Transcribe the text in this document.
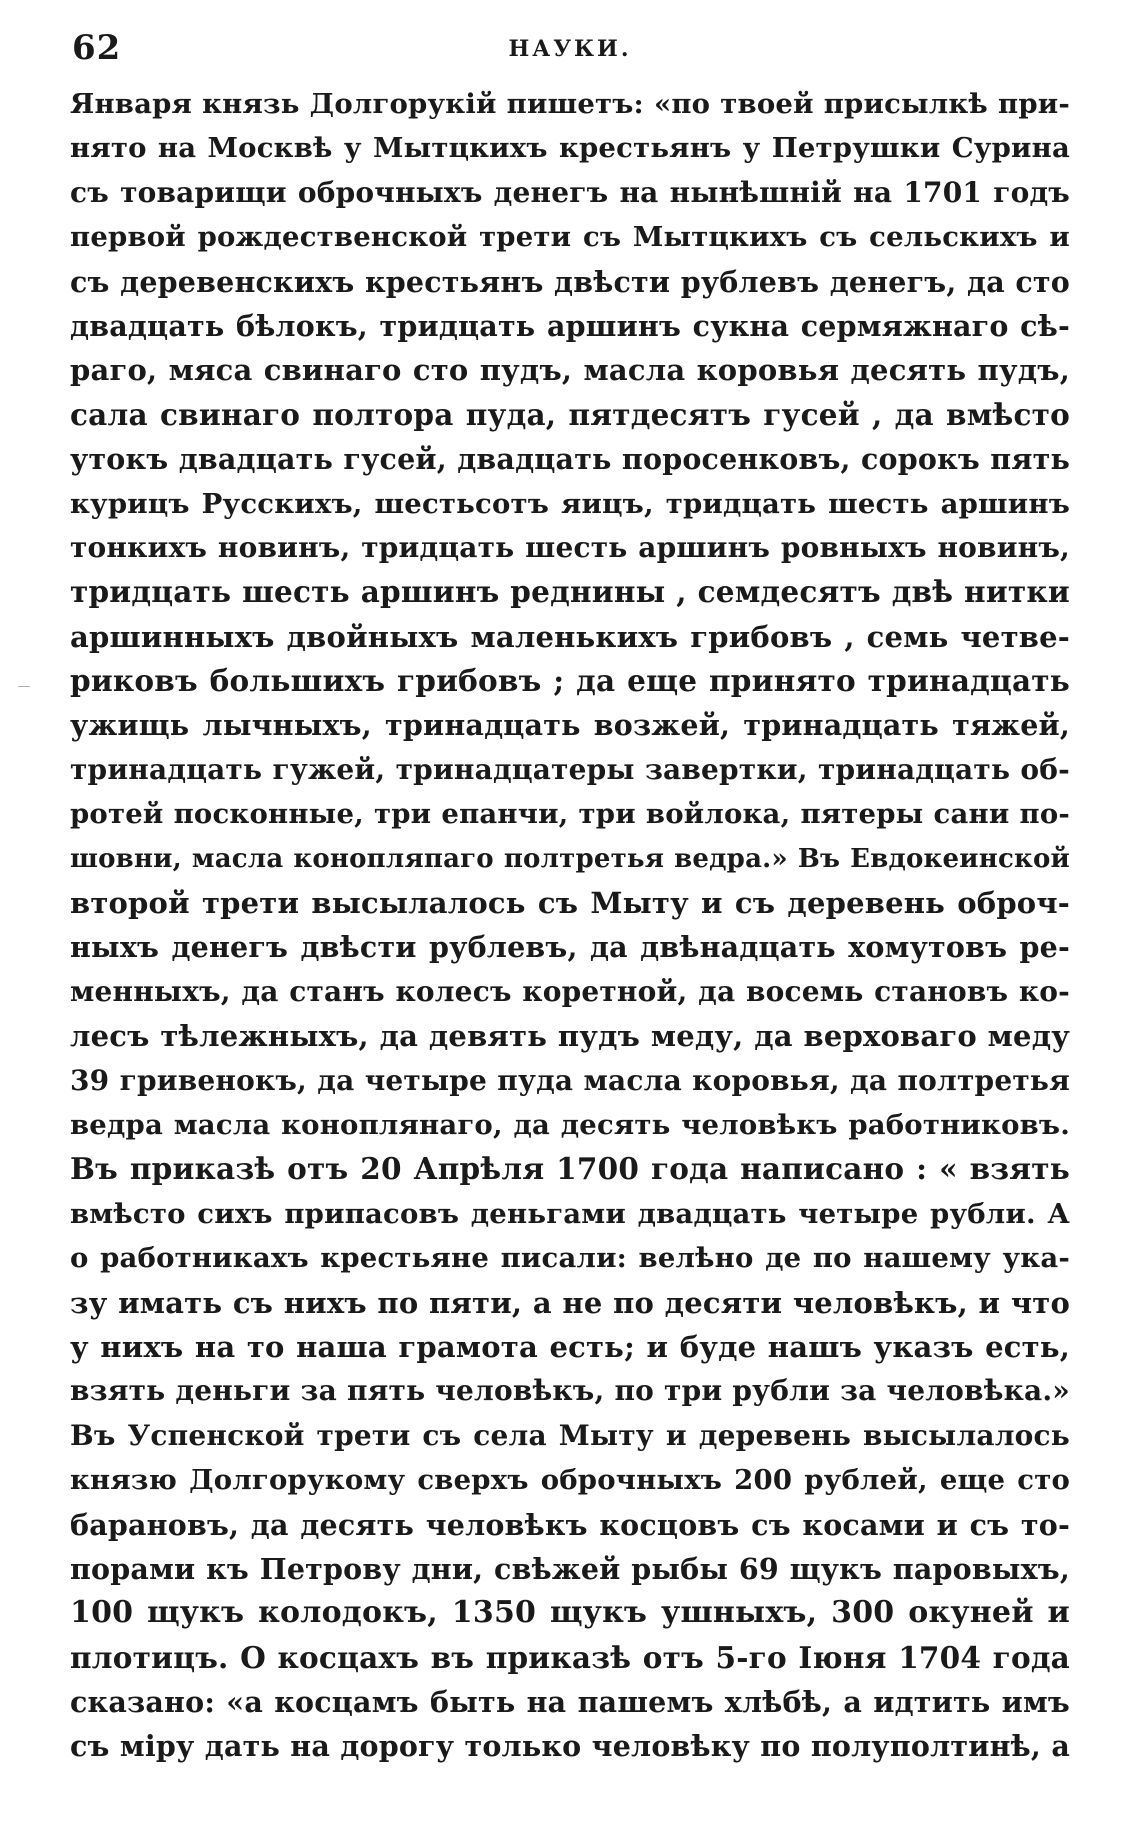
62	НАУКИ.
Января князь Долгорукій пишетъ: «по твоей присылкѣ при-
нято на Москвѣ у Мытцкихъ крестьянъ у Петрушки Сурина
съ товарищи оброчныхъ денегъ на нынѣшній на 1701 годъ
первой рождественской трети съ Мытцкихъ съ сельскихъ и
съ деревенскихъ крестьянъ двѣсти рублевъ денегъ, да сто
двадцать бѣлокъ, тридцать аршинъ сукна сермяжнаго сѣ-
раго, мяса свинаго сто пудъ, масла коровья десять пудъ,
сала свинаго полтора пуда, пятдесятъ гусей , да вмѣсто
утокъ двадцать гусей, двадцать поросенковъ, сорокъ пять
курицъ Русскихъ, шестьсотъ яицъ, тридцать шесть аршинъ
тонкихъ новинъ, тридцать шесть аршинъ ровныхъ новинъ,
тридцать шесть аршинъ реднины , семдесятъ двѣ нитки
аршинныхъ двойныхъ маленькихъ грибовъ , семь четве-
риковъ большихъ грибовъ ; да еще принято тринадцать
ужищь лычныхъ, тринадцать возжей, тринадцать тяжей,
тринадцать гужей, тринадцатеры завертки, тринадцать об-
ротей посконные, три епанчи, три войлока, пятеры сани по-
шовни, масла конопляпаго полтретья ведра.» Въ Евдокеинской
второй трети высылалось съ Мыту и съ деревень оброч-
ныхъ денегъ двѣсти рублевъ, да двѣнадцать хомутовъ ре-
менныхъ, да станъ колесъ коретной, да восемь становъ ко-
лесъ тѣлежныхъ, да девять пудъ меду, да верховаго меду
39 гривенокъ, да четыре пуда масла коровья, да полтретья
ведра масла коноплянаго, да десять человѣкъ работниковъ.
Въ приказѣ отъ 20 Апрѣля 1700 года написано : « взять
вмѣсто сихъ припасовъ деньгами двадцать четыре рубли. А
о работникахъ крестьяне писали: велѣно де по нашему ука-
зу имать съ нихъ по пяти, а не по десяти человѣкъ, и что
у нихъ на то наша грамота есть; и буде нашъ указъ есть,
взять деньги за пять человѣкъ, по три рубли за человѣка.»
Въ Успенской трети съ села Мыту и деревень высылалось
князю Долгорукому сверхъ оброчныхъ 200 рублей, еще сто
барановъ, да десять человѣкъ косцовъ съ косами и съ то-
порами къ Петрову дни, свѣжей рыбы 69 щукъ паровыхъ,
100 щукъ колодокъ, 1350 щукъ ушныхъ, 300 окуней и
плотицъ. О косцахъ въ приказѣ отъ 5-го Іюня 1704 года
сказано: «а косцамъ быть на пашемъ хлѣбѣ, а идтить имъ
съ міру дать на дорогу только человѣку по полуполтинѣ, а
